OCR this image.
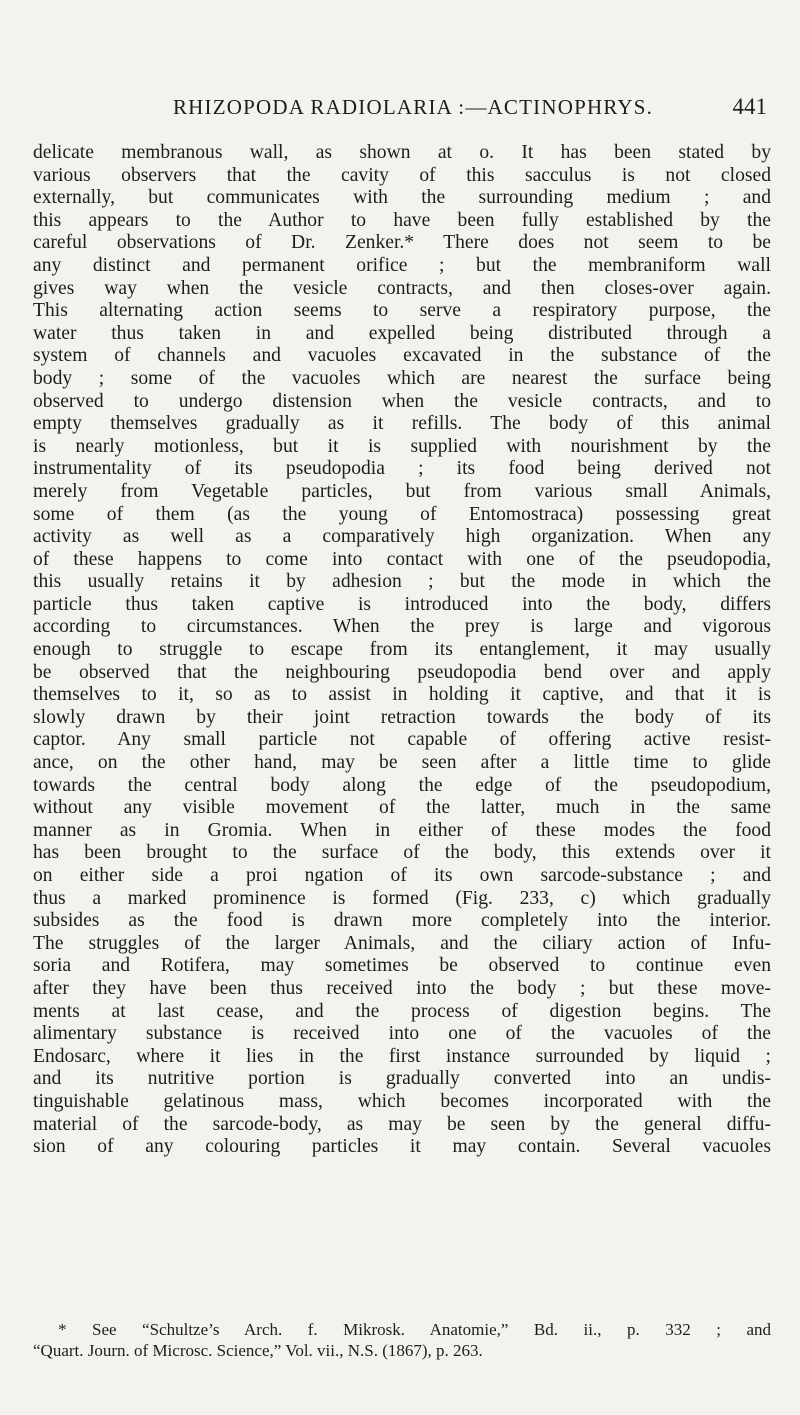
RHIZOPODA RADIOLARIA :—ACTINOPHRYS.	441
delicate membranous wall, as shown at o. It has been stated by
various observers that the cavity of this sacculus is not closed
externally, but communicates with the surrounding medium ; and
this appears to the Author to have been fully established by the
careful observations of Dr. Zenker.* There does not seem to be
any distinct and permanent orifice ; but the membraniform wall
gives way when the vesicle contracts, and then closes-over again.
This alternating action seems to serve a respiratory purpose, the
water thus taken in and expelled being distributed through a
system of channels and vacuoles excavated in the substance of the
body ; some of the vacuoles which are nearest the surface being
observed to undergo distension when the vesicle contracts, and to
empty themselves gradually as it refills. The body of this animal
is nearly motionless, but it is supplied with nourishment by the
instrumentality of its pseudopodia ; its food being derived not
merely from Vegetable particles, but from various small Animals,
some of them (as the young of Entomostraca) possessing great
activity as well as a comparatively high organization. When any
of these happens to come into contact with one of the pseudopodia,
this usually retains it by adhesion ; but the mode in which the
particle thus taken captive is introduced into the body, differs
according to circumstances. When the prey is large and vigorous
enough to struggle to escape from its entanglement, it may usually
be observed that the neighbouring pseudopodia bend over and apply
themselves to it, so as to assist in holding it captive, and that it is
slowly drawn by their joint retraction towards the body of its
captor. Any small particle not capable of offering active resist-
ance, on the other hand, may be seen after a little time to glide
towards the central body along the edge of the pseudopodium,
without any visible movement of the latter, much in the same
manner as in Gromia. When in either of these modes the food
has been brought to the surface of the body, this extends over it
on either side a proi ngation of its own sarcode-substance ; and
thus a marked prominence is formed (Fig. 233, c) which gradually
subsides as the food is drawn more completely into the interior.
The struggles of the larger Animals, and the ciliary action of Infu-
soria and Rotifera, may sometimes be observed to continue even
after they have been thus received into the body ; but these move-
ments at last cease, and the process of digestion begins. The
alimentary substance is received into one of the vacuoles of the
Endosarc, where it lies in the first instance surrounded by liquid ;
and its nutritive portion is gradually converted into an undis-
tinguishable gelatinous mass, which becomes incorporated with the
material of the sarcode-body, as may be seen by the general diffu-
sion of any colouring particles it may contain. Several vacuoles
* See “Schultze’s Arch. f. Mikrosk. Anatomie,” Bd. ii., p. 332 ; and
“Quart. Journ. of Microsc. Science,” Vol. vii., N.S. (1867), p. 263.
